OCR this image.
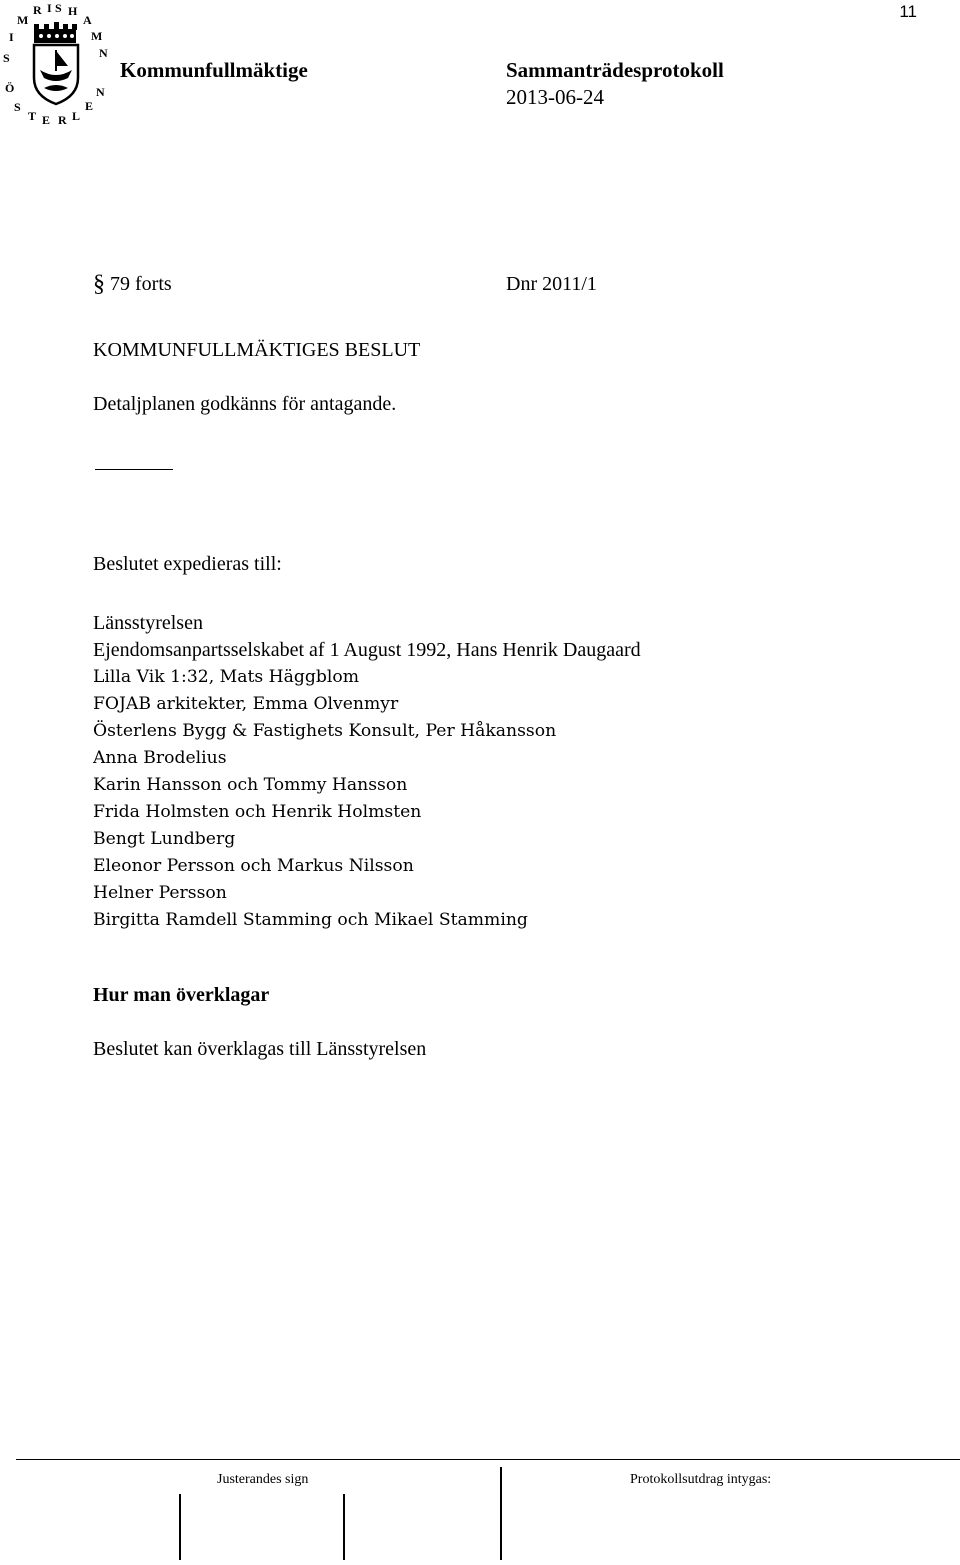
11
S
I
M
R I S H
A
M
N
Ö
S
T E R L
E
N
Kommunfullmäktige	Sammanträdesprotokoll
2013-06-24
§ 79 forts	Dnr 2011/1
KOMMUNFULLMÄKTIGES BESLUT
Detaljplanen godkänns för antagande.
Beslutet expedieras till:
Länsstyrelsen
Ejendomsanpartsselskabet af 1 August 1992, Hans Henrik Daugaard
Lilla Vik 1:32, Mats Häggblom
FOJAB arkitekter, Emma Olvenmyr
Österlens Bygg & Fastighets Konsult, Per Håkansson
Anna Brodelius
Karin Hansson och Tommy Hansson
Frida Holmsten och Henrik Holmsten
Bengt Lundberg
Eleonor Persson och Markus Nilsson
Helner Persson
Birgitta Ramdell Stamming och Mikael Stamming
Hur man överklagar
Beslutet kan överklagas till Länsstyrelsen
Justerandes sign	Protokollsutdrag intygas:
